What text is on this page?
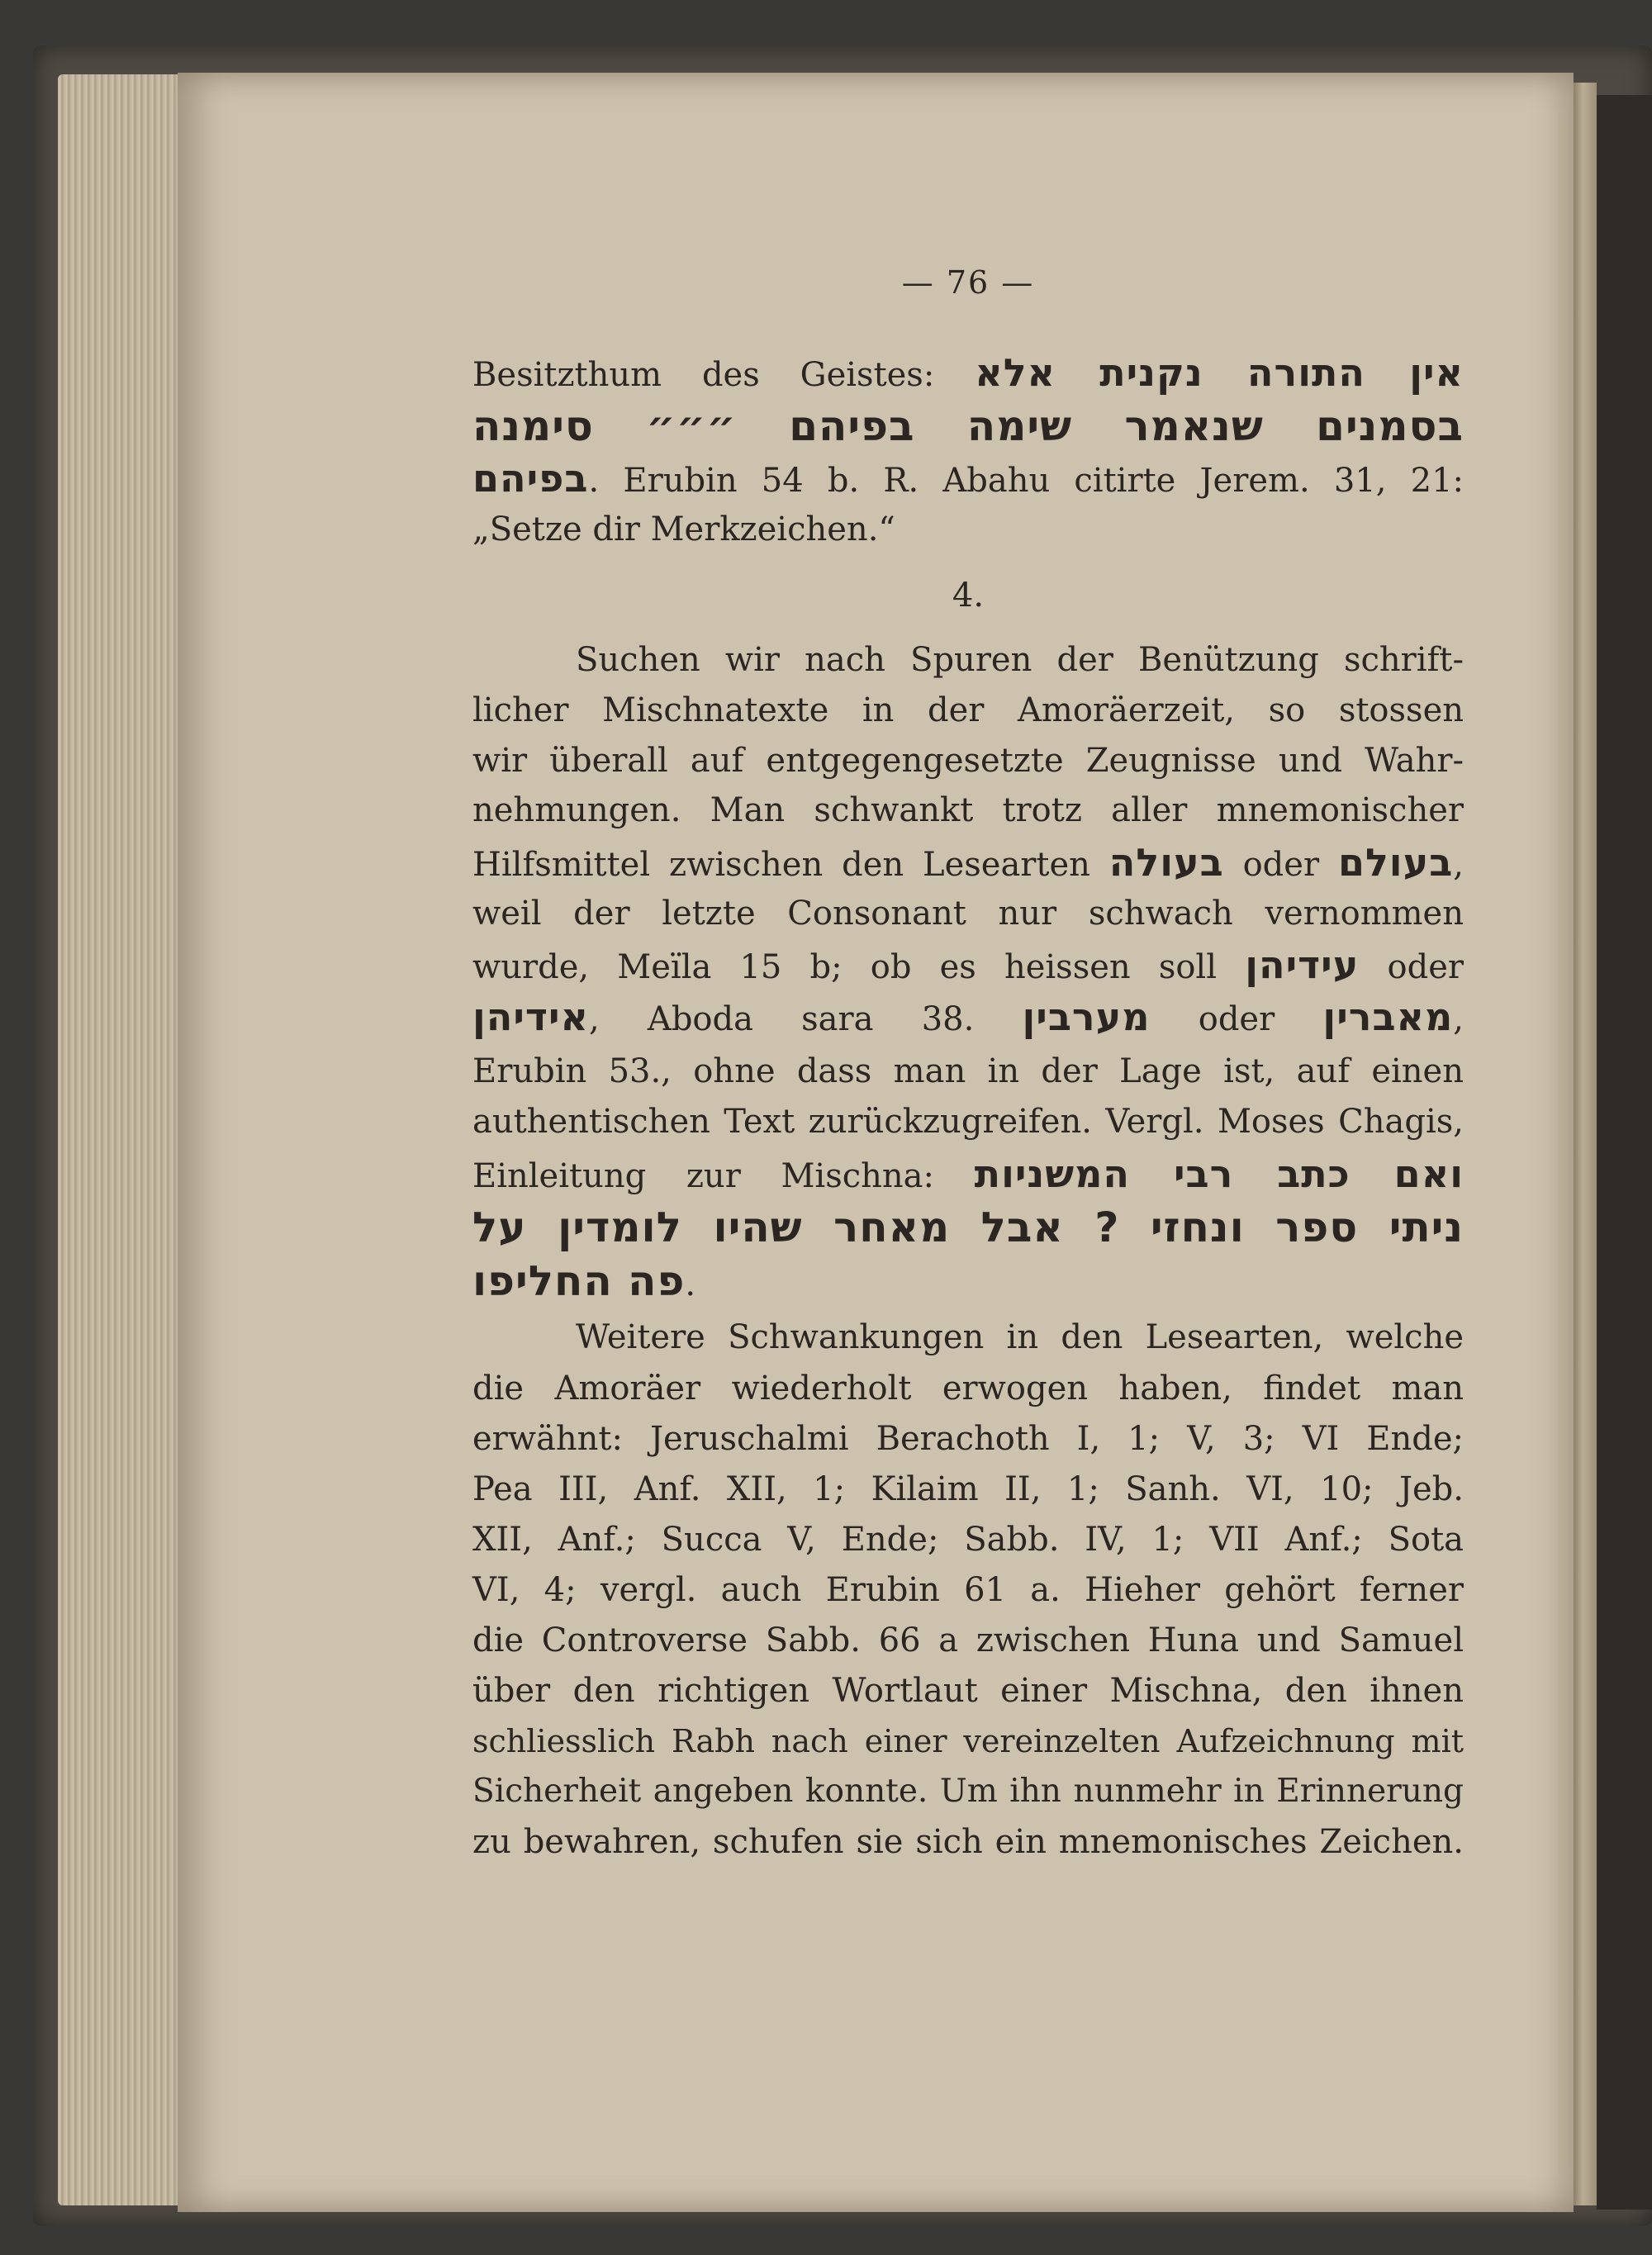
— 76 —
Besitzthum des Geistes: אין התורה נקנית אלא
בסמנים שנאמר שימה בפיהם ״״״ סימנה
בפיהם. Erubin 54 b. R. Abahu citirte Jerem. 31, 21:
„Setze dir Merkzeichen.“
4.
Suchen wir nach Spuren der Benützung schrift-
licher Mischnatexte in der Amoräerzeit, so stossen
wir überall auf entgegengesetzte Zeugnisse und Wahr-
nehmungen. Man schwankt trotz aller mnemonischer
Hilfsmittel zwischen den Lesearten בעולה oder בעולם,
weil der letzte Consonant nur schwach vernommen
wurde, Meïla 15 b; ob es heissen soll עידיהן oder
אידיהן, Aboda sara 38. מערבין oder מאברין,
Erubin 53., ohne dass man in der Lage ist, auf einen
authentischen Text zurückzugreifen. Vergl. Moses Chagis,
Einleitung zur Mischna: ואם כתב רבי המשניות
ניתי ספר ונחזי ? אבל מאחר שהיו לומדין על
פה החליפו.
Weitere Schwankungen in den Lesearten, welche
die Amoräer wiederholt erwogen haben, findet man
erwähnt: Jeruschalmi Berachoth I, 1; V, 3; VI Ende;
Pea III, Anf. XII, 1; Kilaim II, 1; Sanh. VI, 10; Jeb.
XII, Anf.; Succa V, Ende; Sabb. IV, 1; VII Anf.; Sota
VI, 4; vergl. auch Erubin 61 a. Hieher gehört ferner
die Controverse Sabb. 66 a zwischen Huna und Samuel
über den richtigen Wortlaut einer Mischna, den ihnen
schliesslich Rabh nach einer vereinzelten Aufzeichnung mit
Sicherheit angeben konnte. Um ihn nunmehr in Erinnerung
zu bewahren, schufen sie sich ein mnemonisches Zeichen.
